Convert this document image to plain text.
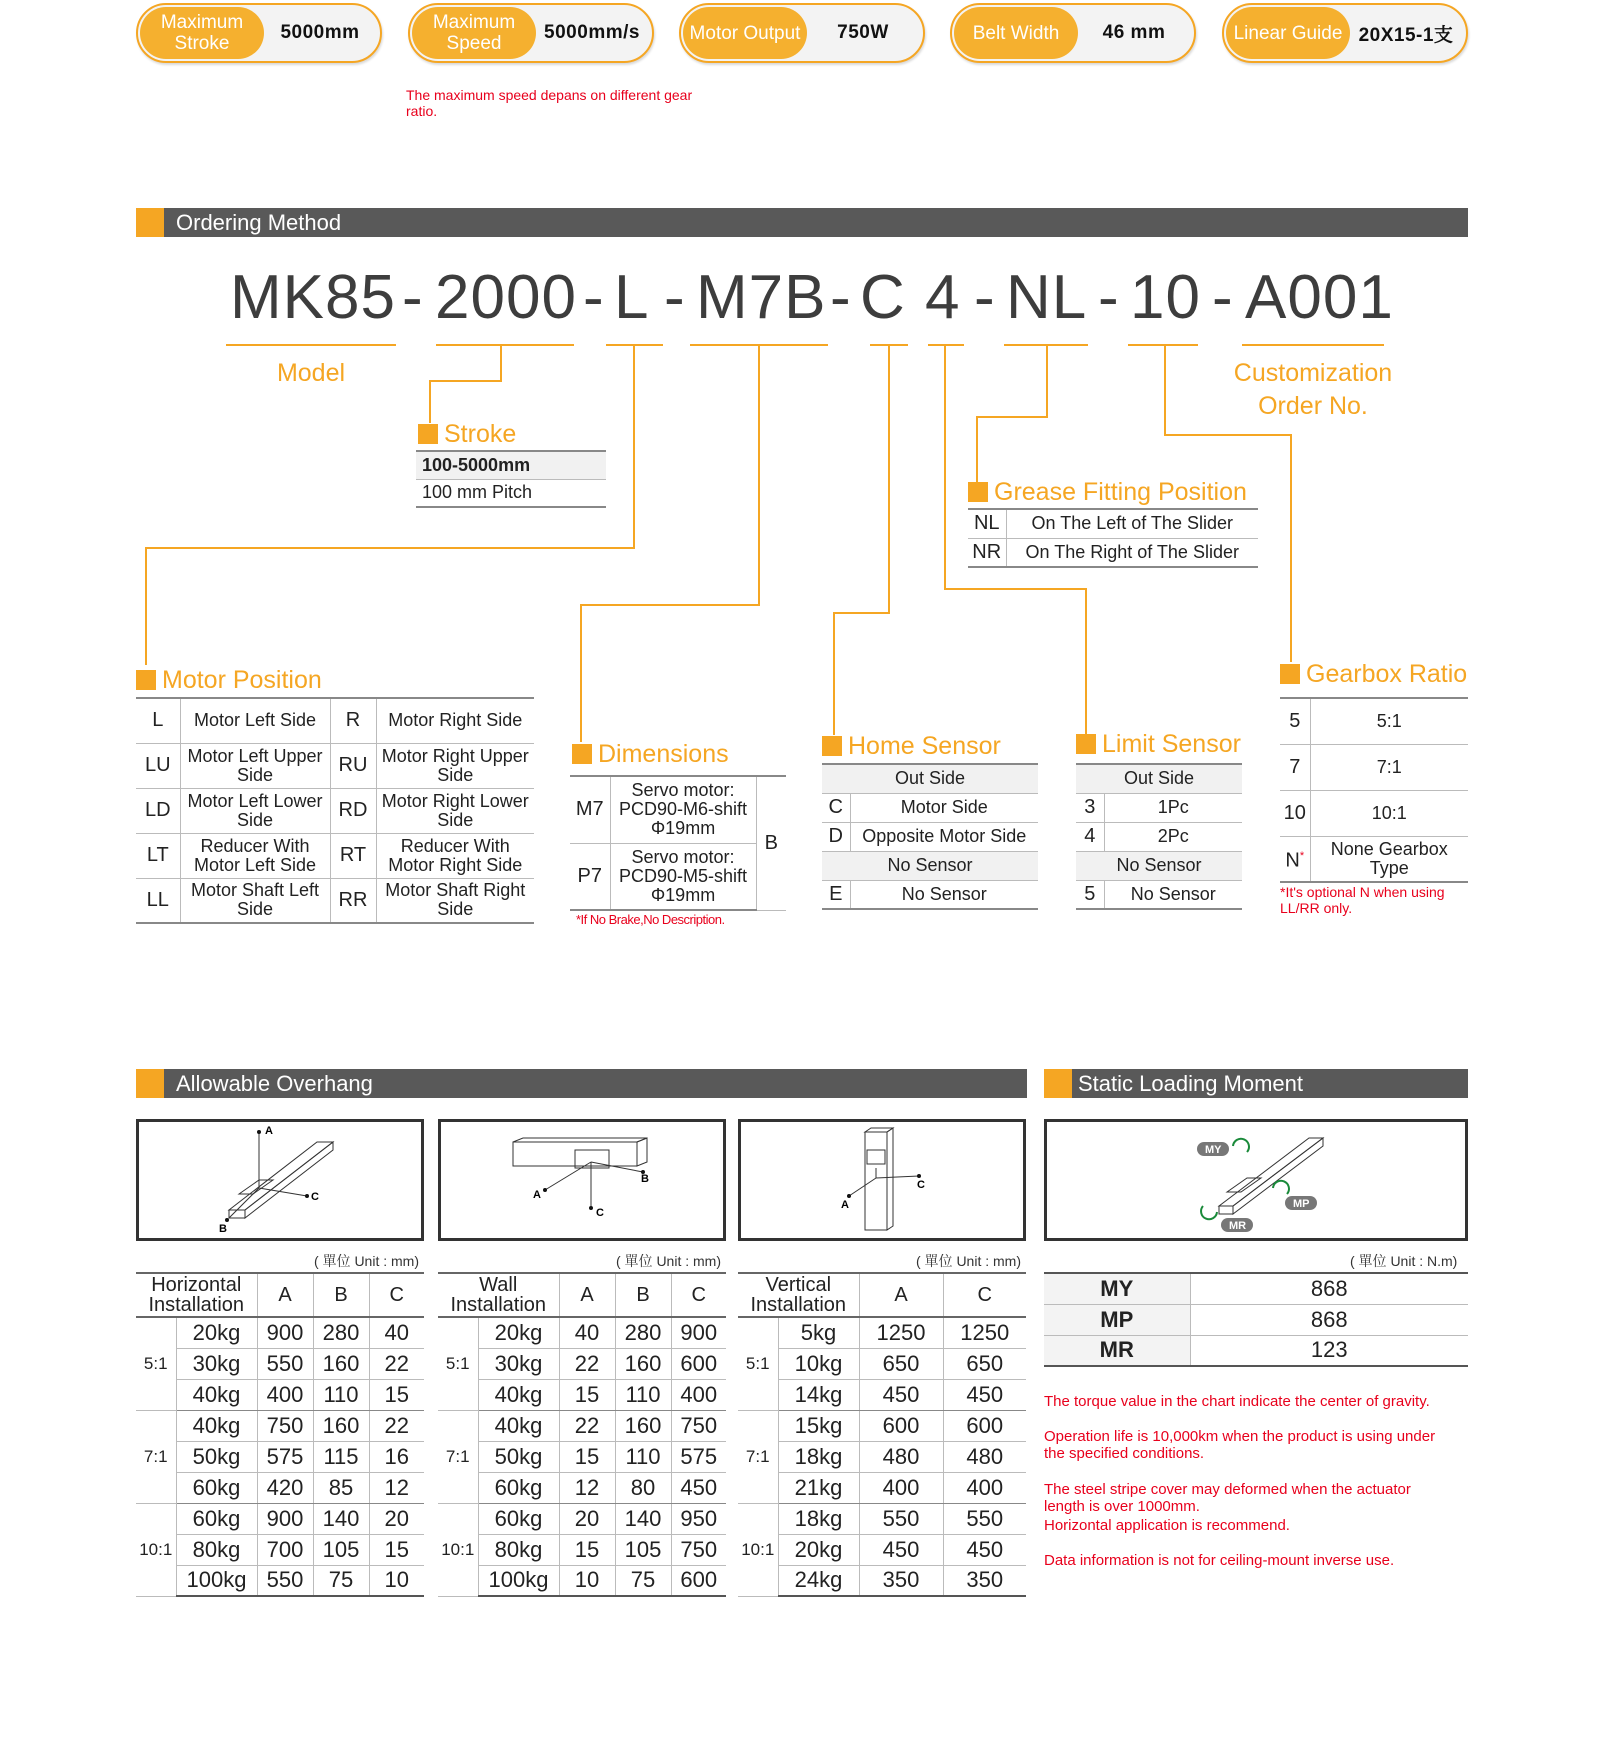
Maximum Stroke
5000mm	Maximum Speed
5000mm/s	Motor Output	750W	Belt Width	46 mm	Linear Guide 20X15-1支
The maximum speed depans on different gear ratio.
Ordering Method
MK85 - 2000 - L - M7B - C 4 - NL - 10 - A001
Model	Customization Order No.
Stroke
100-5000mm
100 mm Pitch	Grease Fitting Position
NL	On The Left of The Slider
NR	On The Right of The Slider
Motor Position
L	Motor Left Side	R	Motor Right Side
LU	Motor Left Upper Side	RU	Motor Right Upper Side
LD	Motor Left Lower Side	RD	Motor Right Lower Side
LT	Reducer With Motor Left Side	RT	Reducer With Motor Right Side
LL	Motor Shaft Left Side	RR	Motor Shaft Right Side
Dimensions
M7	Servo motor: PCD90-M6-shift Φ19mm	B
P7	Servo motor: PCD90-M5-shift Φ19mm	
*If No Brake,No Description.
Home Sensor
Out Side	
C	Motor Side
D	Opposite Motor Side
No Sensor	
E	No Sensor
Limit Sensor
Out Side	
3	1Pc
4	2Pc
No Sensor	
5	No Sensor
Gearbox Ratio
5	5:1
7	7:1
10	10:1
N*	None Gearbox Type
*It's optional N when using LL/RR only.
Allowable Overhang	Static Loading Moment
A
C
B
A
C
B
A
C
MY
MP
MR
( 單位 Unit : mm)	( 單位 Unit : mm)	( 單位 Unit : mm)	( 單位 Unit : N.m)
Horizontal Installation		A	B	C
5:1	20kg	900	280	40
	30kg	550	160	22
	40kg	400	110	15
7:1	40kg	750	160	22
	50kg	575	115	16
	60kg	420	85	12
10:1	60kg	900	140	20
	80kg	700	105	15
	100kg	550	75	10
Wall Installation		A	B	C
5:1	20kg	40	280	900
	30kg	22	160	600
	40kg	15	110	400
7:1	40kg	22	160	750
	50kg	15	110	575
	60kg	12	80	450
10:1	60kg	20	140	950
	80kg	15	105	750
	100kg	10	75	600
Vertical Installation		A	C
5:1	5kg	1250	1250
	10kg	650	650
	14kg	450	450
7:1	15kg	600	600
	18kg	480	480
	21kg	400	400
10:1	18kg	550	550
	20kg	450	450
	24kg	350	350
MY	868
MP	868
MR	123
The torque value in the chart indicate the center of gravity.
Operation life is 10,000km when the product is using under the specified conditions.
The steel stripe cover may deformed when the actuator length is over 1000mm.
Horizontal application is recommend.
Data information is not for ceiling-mount inverse use.
